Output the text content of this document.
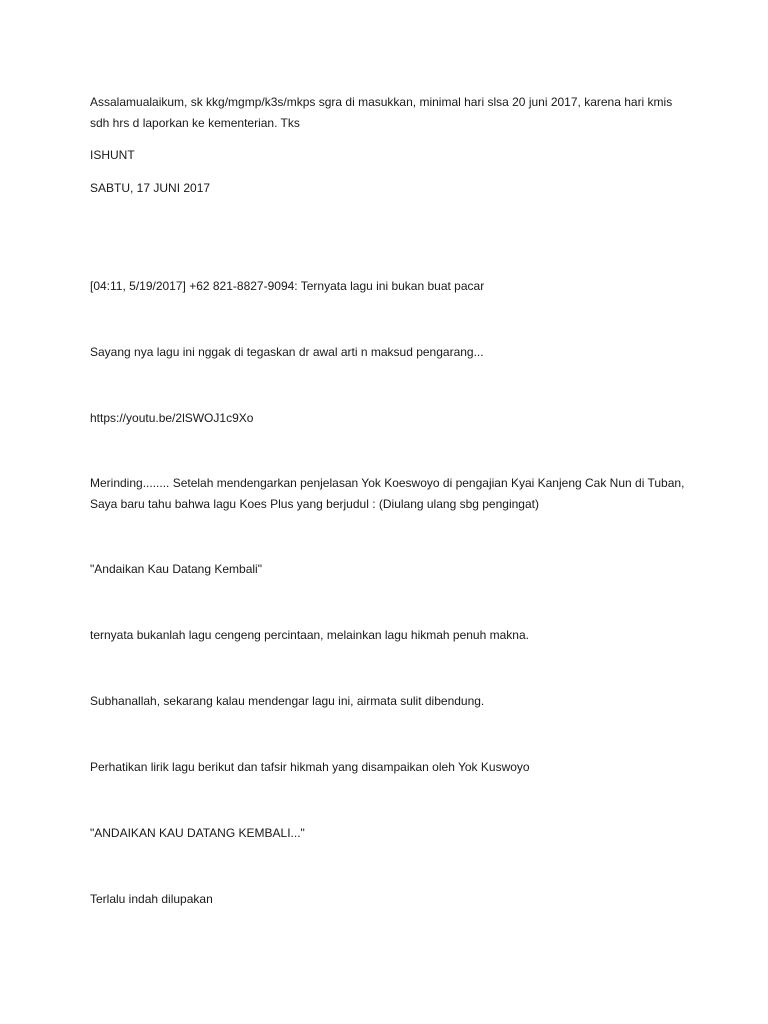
Assalamualaikum, sk kkg/mgmp/k3s/mkps sgra di masukkan, minimal hari slsa 20 juni 2017, karena hari kmis sdh hrs d laporkan ke kementerian. Tks

ISHUNT

SABTU, 17 JUNI 2017

[04:11, 5/19/2017] +62 821-8827-9094: Ternyata lagu ini bukan buat pacar

Sayang nya lagu ini nggak di tegaskan dr awal arti n maksud pengarang...

https://youtu.be/2lSWOJ1c9Xo

Merinding........ Setelah mendengarkan penjelasan Yok Koeswoyo di pengajian Kyai Kanjeng Cak Nun di Tuban, Saya baru tahu bahwa lagu Koes Plus yang berjudul : (Diulang ulang sbg pengingat)

"Andaikan Kau Datang Kembali"

ternyata bukanlah lagu cengeng percintaan, melainkan lagu hikmah penuh makna.

Subhanallah, sekarang kalau mendengar lagu ini, airmata sulit dibendung.

Perhatikan lirik lagu berikut dan tafsir hikmah yang disampaikan oleh Yok Kuswoyo

"ANDAIKAN KAU DATANG KEMBALI..."

Terlalu indah dilupakan
